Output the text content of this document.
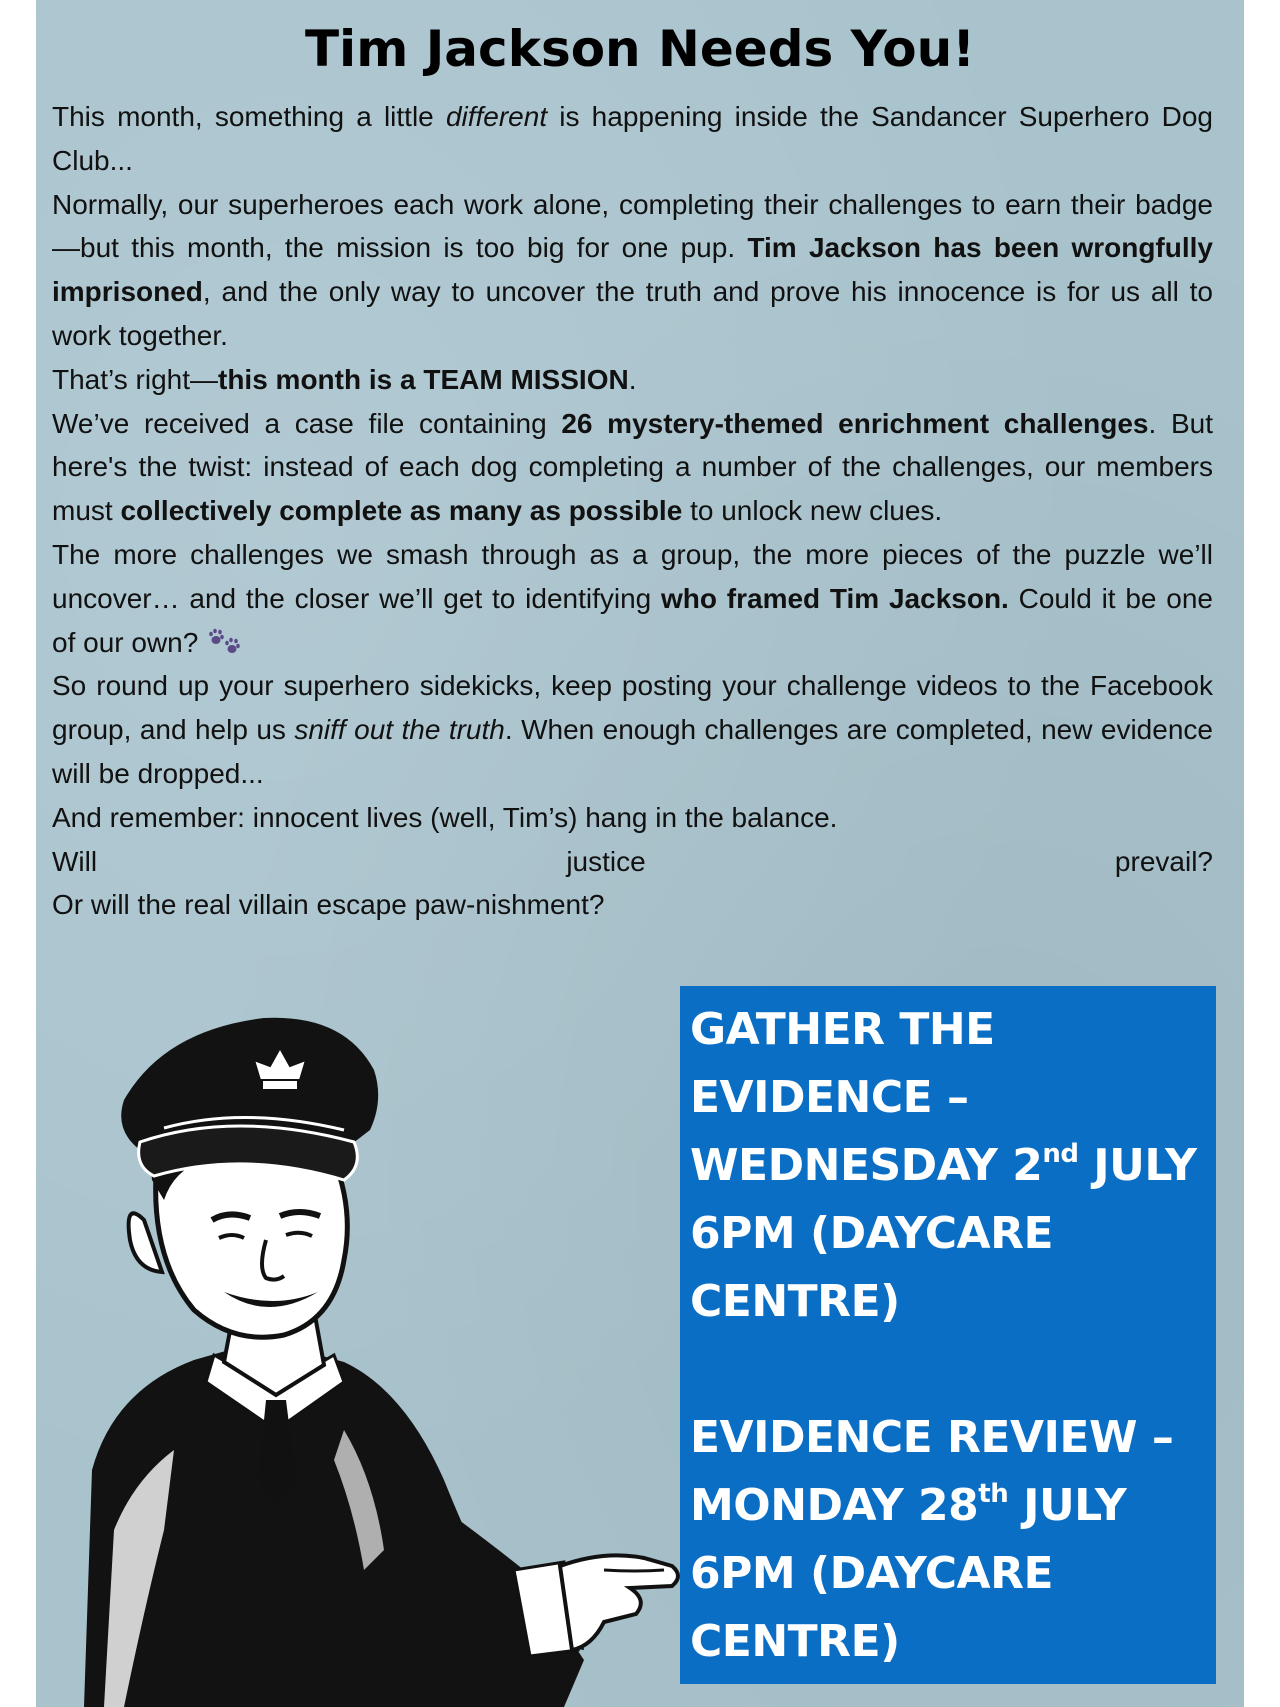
Tim Jackson Needs You!

This month, something a little different is happening inside the Sandancer Superhero Dog Club...

Normally, our superheroes each work alone, completing their challenges to earn their badge—but this month, the mission is too big for one pup. Tim Jackson has been wrongfully imprisoned, and the only way to uncover the truth and prove his innocence is for us all to work together.

That’s right—this month is a TEAM MISSION.

We’ve received a case file containing 26 mystery-themed enrichment challenges. But here's the twist: instead of each dog completing a number of the challenges, our members must collectively complete as many as possible to unlock new clues.

The more challenges we smash through as a group, the more pieces of the puzzle we’ll uncover… and the closer we’ll get to identifying who framed Tim Jackson. Could it be one of our own?

So round up your superhero sidekicks, keep posting your challenge videos to the Facebook group, and help us sniff out the truth. When enough challenges are completed, new evidence will be dropped...

And remember: innocent lives (well, Tim’s) hang in the balance.

Will justice prevail?

Or will the real villain escape paw-nishment?

GATHER THE
EVIDENCE –
WEDNESDAY 2nd JULY
6PM (DAYCARE
CENTRE)
EVIDENCE REVIEW –
MONDAY 28th JULY
6PM (DAYCARE
CENTRE)
